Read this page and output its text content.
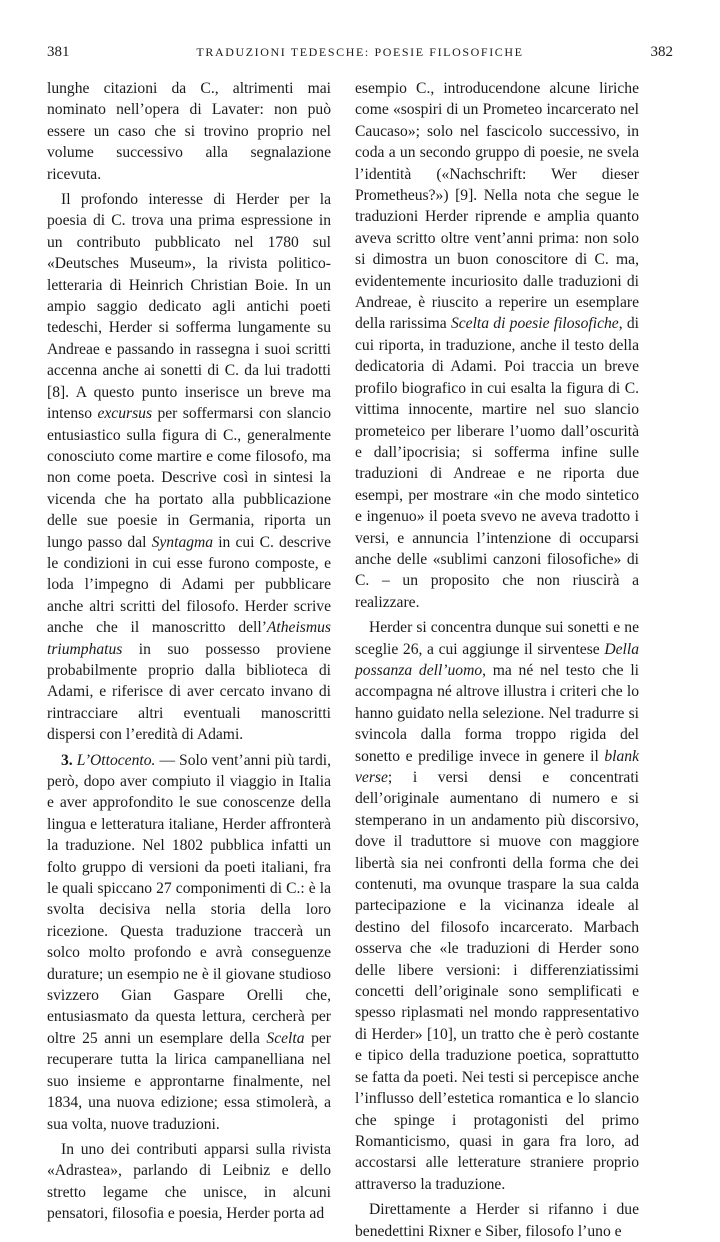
381	TRADUZIONI TEDESCHE: POESIE FILOSOFICHE	382

lunghe citazioni da C., altrimenti mai nominato nell’opera di Lavater: non può essere un caso che si trovino proprio nel volume successivo alla segnalazione ricevuta.

Il profondo interesse di Herder per la poesia di C. trova una prima espressione in un contributo pubblicato nel 1780 sul «Deutsches Museum», la rivista politico-letteraria di Heinrich Christian Boie. In un ampio saggio dedicato agli antichi poeti tedeschi, Herder si sofferma lungamente su Andreae e passando in rassegna i suoi scritti accenna anche ai sonetti di C. da lui tradotti [8]. A questo punto inserisce un breve ma intenso excursus per soffermarsi con slancio entusiastico sulla figura di C., generalmente conosciuto come martire e come filosofo, ma non come poeta. Descrive così in sintesi la vicenda che ha portato alla pubblicazione delle sue poesie in Germania, riporta un lungo passo dal Syntagma in cui C. descrive le condizioni in cui esse furono composte, e loda l’impegno di Adami per pubblicare anche altri scritti del filosofo. Herder scrive anche che il manoscritto dell’Atheismus triumphatus in suo possesso proviene probabilmente proprio dalla biblioteca di Adami, e riferisce di aver cercato invano di rintracciare altri eventuali manoscritti dispersi con l’eredità di Adami.

3. L’Ottocento. — Solo vent’anni più tardi, però, dopo aver compiuto il viaggio in Italia e aver approfondito le sue conoscenze della lingua e letteratura italiane, Herder affronterà la traduzione. Nel 1802 pubblica infatti un folto gruppo di versioni da poeti italiani, fra le quali spiccano 27 componimenti di C.: è la svolta decisiva nella storia della loro ricezione. Questa traduzione traccerà un solco molto profondo e avrà conseguenze durature; un esempio ne è il giovane studioso svizzero Gian Gaspare Orelli che, entusiasmato da questa lettura, cercherà per oltre 25 anni un esemplare della Scelta per recuperare tutta la lirica campanelliana nel suo insieme e approntarne finalmente, nel 1834, una nuova edizione; essa stimolerà, a sua volta, nuove traduzioni.

In uno dei contributi apparsi sulla rivista «Adrastea», parlando di Leibniz e dello stretto legame che unisce, in alcuni pensatori, filosofia e poesia, Herder porta ad

esempio C., introducendone alcune liriche come «sospiri di un Prometeo incarcerato nel Caucaso»; solo nel fascicolo successivo, in coda a un secondo gruppo di poesie, ne svela l’identità («Nachschrift: Wer dieser Prometheus?») [9]. Nella nota che segue le traduzioni Herder riprende e amplia quanto aveva scritto oltre vent’anni prima: non solo si dimostra un buon conoscitore di C. ma, evidentemente incuriosito dalle traduzioni di Andreae, è riuscito a reperire un esemplare della rarissima Scelta di poesie filosofiche, di cui riporta, in traduzione, anche il testo della dedicatoria di Adami. Poi traccia un breve profilo biografico in cui esalta la figura di C. vittima innocente, martire nel suo slancio prometeico per liberare l’uomo dall’oscurità e dall’ipocrisia; si sofferma infine sulle traduzioni di Andreae e ne riporta due esempi, per mostrare «in che modo sintetico e ingenuo» il poeta svevo ne aveva tradotto i versi, e annuncia l’intenzione di occuparsi anche delle «sublimi canzoni filosofiche» di C. – un proposito che non riuscirà a realizzare.

Herder si concentra dunque sui sonetti e ne sceglie 26, a cui aggiunge il sirventese Della possanza dell’uomo, ma né nel testo che li accompagna né altrove illustra i criteri che lo hanno guidato nella selezione. Nel tradurre si svincola dalla forma troppo rigida del sonetto e predilige invece in genere il blank verse; i versi densi e concentrati dell’originale aumentano di numero e si stemperano in un andamento più discorsivo, dove il traduttore si muove con maggiore libertà sia nei confronti della forma che dei contenuti, ma ovunque traspare la sua calda partecipazione e la vicinanza ideale al destino del filosofo incarcerato. Marbach osserva che «le traduzioni di Herder sono delle libere versioni: i differenziatissimi concetti dell’originale sono semplificati e spesso riplasmati nel mondo rappresentativo di Herder» [10], un tratto che è però costante e tipico della traduzione poetica, soprattutto se fatta da poeti. Nei testi si percepisce anche l’influsso dell’estetica romantica e lo slancio che spinge i protagonisti del primo Romanticismo, quasi in gara fra loro, ad accostarsi alle letterature straniere proprio attraverso la traduzione.

Direttamente a Herder si rifanno i due benedettini Rixner e Siber, filosofo l’uno e
